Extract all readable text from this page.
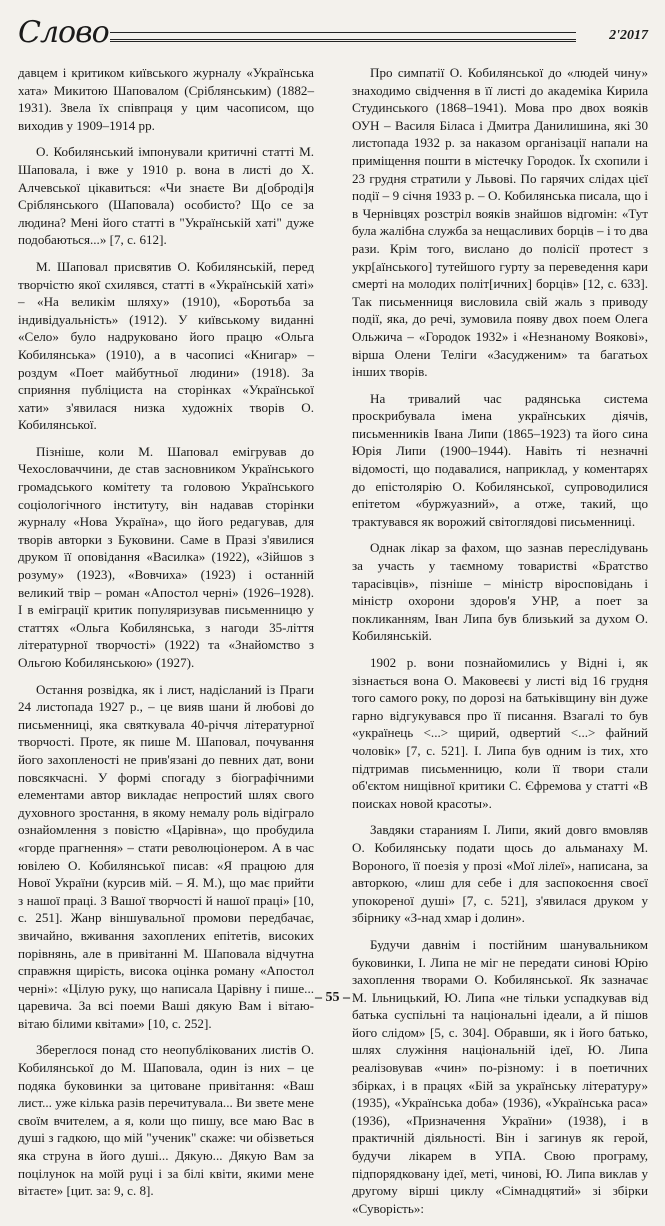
Слово	2'2017

давцем і критиком київського журналу «Українська хата» Микитою Шаповалом (Сріблянським) (1882–1931). Звела їх співпраця у цим часописом, що виходив у 1909–1914 рр.

О. Кобилянський імпонували критичні статті М. Шаповала, і вже у 1910 р. вона в листі до Х. Алчевської цікавиться: «Чи знаєте Ви д[оброді]я Сріблянського (Шаповала) особисто? Що се за людина? Мені його статті в "Українській хаті" дуже подобаються...» [7, с. 612].

М. Шаповал присвятив О. Кобилянській, перед творчістю якої схилявся, статті в «Українській хаті» – «На великім шляху» (1910), «Боротьба за індивідуальність» (1912). У київському виданні «Село» було надруковано його працю «Ольга Кобилянська» (1910), а в часописі «Книгар» – роздум «Поет майбутньої людини» (1918). За сприяння публіциста на сторінках «Української хати» з'явилася низка художніх творів О. Кобилянської.

Пізніше, коли М. Шаповал емігрував до Чехословаччини, де став засновником Українського громадського комітету та головою Українського соціологічного інституту, він надавав сторінки журналу «Нова Україна», що його редагував, для творів авторки з Буковини. Саме в Празі з'явилися друком її оповідання «Василка» (1922), «Зійшов з розуму» (1923), «Вовчиха» (1923) і останній великий твір – роман «Апостол черні» (1926–1928). І в еміграції критик популяризував письменницю у статтях «Ольга Кобилянська, з нагоди 35-ліття літературної творчості» (1922) та «Знайомство з Ольгою Кобилянською» (1927).

Остання розвідка, як і лист, надісланий із Праги 24 листопада 1927 р., – це вияв шани й любові до письменниці, яка святкувала 40-річчя літературної творчості. Проте, як пише М. Шаповал, почування його захопленості не прив'язані до певних дат, вони повсякчасні. У формі спогаду з біографічними елементами автор викладає непростий шлях свого духовного зростання, в якому немалу роль відіграло ознайомлення з повістю «Царівна», що пробудила «горде прагнення» – стати революціонером. А в час ювілею О. Кобилянської писав: «Я працюю для Нової України (курсив мій. – Я. М.), що має прийти з нашої праці. З Вашої творчості й нашої праці» [10, с. 251]. Жанр віншувальної промови передбачає, звичайно, вживання захоплених епітетів, високих порівнянь, але в привітанні М. Шаповала відчутна справжня щирість, висока оцінка роману «Апостол черні»: «Цілую руку, що написала Царівну і пише... царевича. За всі поеми Ваші дякую Вам і вітаю-вітаю білими квітами» [10, с. 252].

Збереглося понад сто неопублікованих листів О. Кобилянської до М. Шаповала, один із них – це подяка буковинки за цитоване привітання: «Ваш лист... уже кілька разів перечитувала... Ви звете мене своїм вчителем, а я, коли що пишу, все маю Вас в душі з гадкою, що мій "ученик" скаже: чи обізветься яка струна в його душі... Дякую... Дякую Вам за поцілунок на моїй руці і за білі квіти, якими мене вітаєте» [цит. за: 9, с. 8].

Про симпатії О. Кобилянської до «людей чину» знаходимо свідчення в її листі до академіка Кирила Студинського (1868–1941). Мова про двох вояків ОУН – Василя Біласа і Дмитра Данилишина, які 30 листопада 1932 р. за наказом організації напали на приміщення пошти в містечку Городок. Їх схопили і 23 грудня стратили у Львові. По гарячих слідах цієї події – 9 січня 1933 р. – О. Кобилянська писала, що і в Чернівцях розстріл вояків знайшов відгомін: «Тут була жалібна служба за нещасливих борців – і то два рази. Крім того, вислано до полісії протест з укр[аїнського] тутейшого гурту за переведення кари смерті на молодих політ[ичних] борців» [12, с. 633]. Так письменниця висловила свій жаль з приводу події, яка, до речі, зумовила появу двох поем Олега Ольжича – «Городок 1932» і «Незнаному Воякові», вірша Олени Теліги «Засудженим» та багатьох інших творів.

На тривалий час радянська система проскрибувала імена українських діячів, письменників Івана Липи (1865–1923) та його сина Юрія Липи (1900–1944). Навіть ті незначні відомості, що подавалися, наприклад, у коментарях до епістолярію О. Кобилянської, супроводилися епітетом «буржуазний», а отже, такий, що трактувався як ворожий світоглядові письменниці.

Однак лікар за фахом, що зазнав переслідувань за участь у таємному товаристві «Братство тарасівців», пізніше – міністр віросповідань і міністр охорони здоров'я УНР, а поет за покликанням, Іван Липа був близький за духом О. Кобилянській.

1902 р. вони познайомились у Відні і, як зізнається вона О. Маковеєві у листі від 16 грудня того самого року, по дорозі на батьківщину він дуже гарно відгукувався про її писання. Взагалі то був «українець <...> щирий, одвертий <...> файний чоловік» [7, с. 521]. І. Липа був одним із тих, хто підтримав письменницю, коли її твори стали об'єктом нищівної критики С. Єфремова у статті «В поисках новой красоты».

Завдяки стараниям І. Липи, який довго вмовляв О. Кобилянську подати щось до альманаху М. Вороного, її поезія у прозі «Мої лілеї», написана, за авторкою, «лиш для себе і для заспокоєння своєї упокореної душі» [7, с. 521], з'явилася друком у збірнику «З-над хмар і долин».

Будучи давнім і постійним шанувальником буковинки, І. Липа не міг не передати синові Юрію захоплення творами О. Кобилянської. Як зазначає М. Ільницький, Ю. Липа «не тільки успадкував від батька суспільні та національні ідеали, а й пішов його слідом» [5, с. 304]. Обравши, як і його батько, шлях служіння національній ідеї, Ю. Липа реалізовував «чин» по-різному: і в поетичних збірках, і в працях «Бій за українську літературу» (1935), «Українська доба» (1936), «Українська раса» (1936), «Призначення України» (1938), і в практичній діяльності. Він і загинув як герой, будучи лікарем в УПА. Свою програму, підпорядковану ідеї, меті, чинові, Ю. Липа виклав у другому вірші циклу «Сімнадцятий» зі збірки «Суворість»:

– 55 –
